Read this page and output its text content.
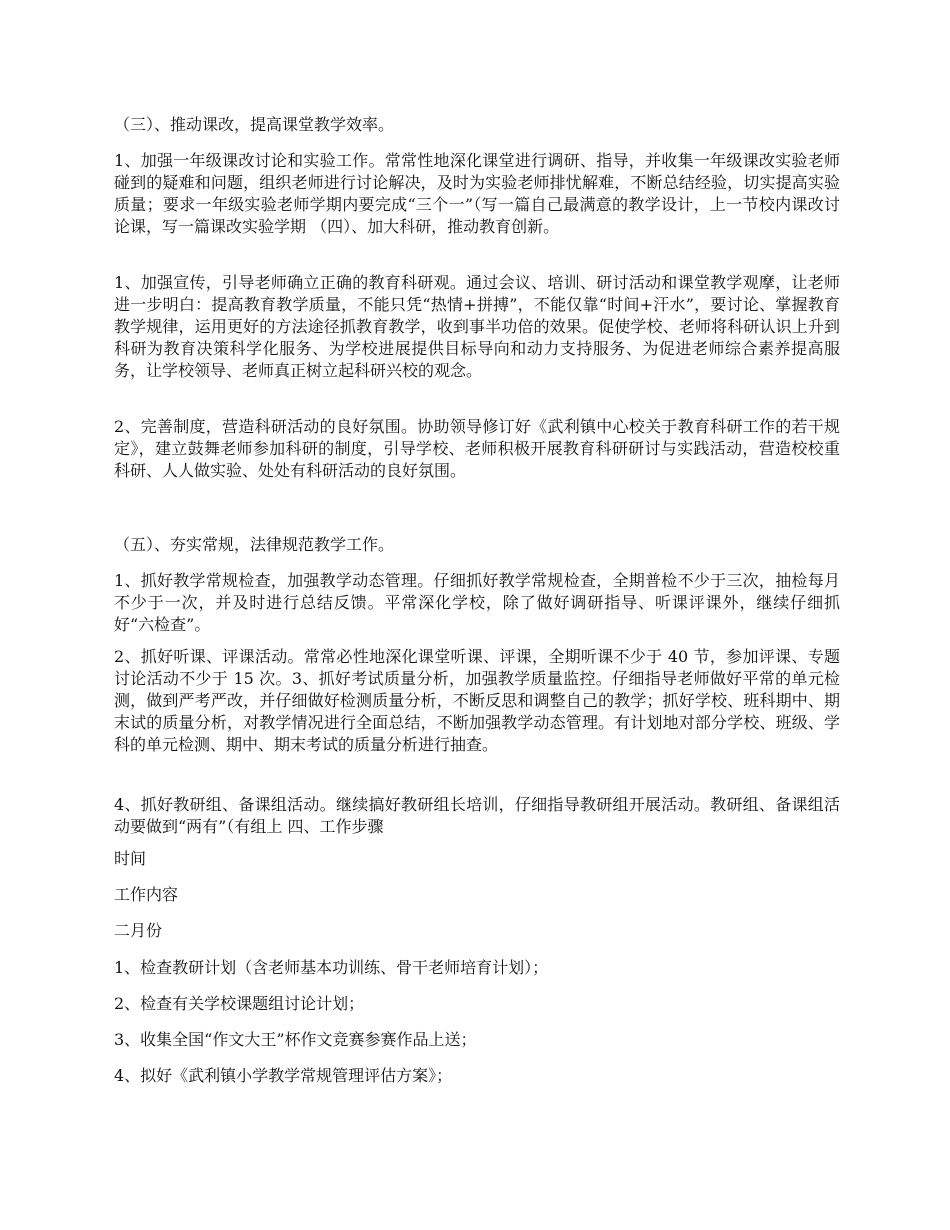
（三）、推动课改，提高课堂教学效率。

1、加强一年级课改讨论和实验工作。常常性地深化课堂进行调研、指导，并收集一年级课改实验老师碰到的疑难和问题，组织老师进行讨论解决，及时为实验老师排忧解难，不断总结经验，切实提高实验质量；要求一年级实验老师学期内要完成“三个一”（写一篇自己最满意的教学设计，上一节校内课改讨论课，写一篇课改实验学期 （四）、加大科研，推动教育创新。

1、加强宣传，引导老师确立正确的教育科研观。通过会议、培训、研讨活动和课堂教学观摩，让老师进一步明白：提高教育教学质量，不能只凭“热情+拼搏”，不能仅靠“时间+汗水”，要讨论、掌握教育教学规律，运用更好的方法途径抓教育教学，收到事半功倍的效果。促使学校、老师将科研认识上升到科研为教育决策科学化服务、为学校进展提供目标导向和动力支持服务、为促进老师综合素养提高服务，让学校领导、老师真正树立起科研兴校的观念。

2、完善制度，营造科研活动的良好氛围。协助领导修订好《武利镇中心校关于教育科研工作的若干规定》，建立鼓舞老师参加科研的制度，引导学校、老师积极开展教育科研研讨与实践活动，营造校校重科研、人人做实验、处处有科研活动的良好氛围。

（五）、夯实常规，法律规范教学工作。

1、抓好教学常规检查，加强教学动态管理。仔细抓好教学常规检查，全期普检不少于三次，抽检每月不少于一次，并及时进行总结反馈。平常深化学校，除了做好调研指导、听课评课外，继续仔细抓好“六检查”。

2、抓好听课、评课活动。常常必性地深化课堂听课、评课，全期听课不少于 40 节，参加评课、专题讨论活动不少于 15 次。3、抓好考试质量分析，加强教学质量监控。仔细指导老师做好平常的单元检测，做到严考严改，并仔细做好检测质量分析，不断反思和调整自己的教学；抓好学校、班科期中、期末试的质量分析，对教学情况进行全面总结，不断加强教学动态管理。有计划地对部分学校、班级、学科的单元检测、期中、期末考试的质量分析进行抽查。

4、抓好教研组、备课组活动。继续搞好教研组长培训，仔细指导教研组开展活动。教研组、备课组活动要做到“两有”（有组上 四、工作步骤

时间

工作内容

二月份

1、检查教研计划（含老师基本功训练、骨干老师培育计划）；

2、检查有关学校课题组讨论计划；

3、收集全国“作文大王”杯作文竞赛参赛作品上送；

4、拟好《武利镇小学教学常规管理评估方案》；
